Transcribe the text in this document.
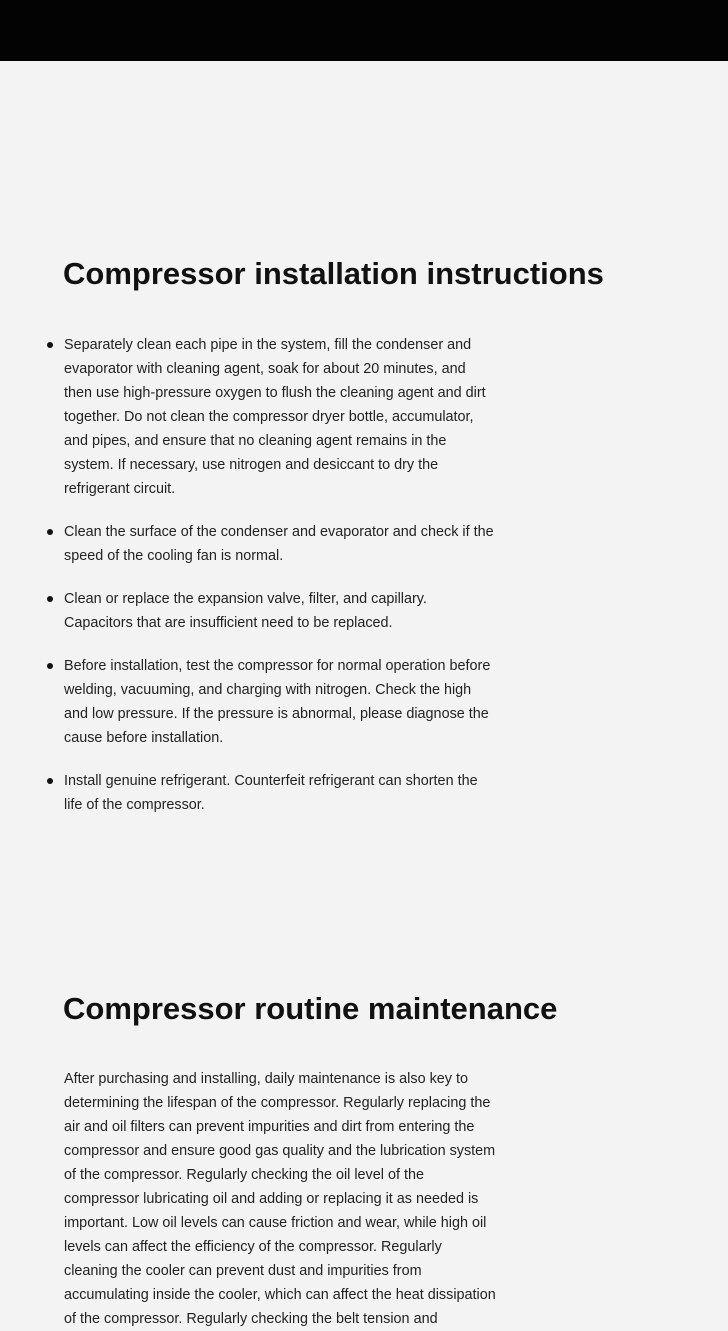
Compressor installation instructions
Separately clean each pipe in the system, fill the condenser and evaporator with cleaning agent, soak for about 20 minutes, and then use high-pressure oxygen to flush the cleaning agent and dirt together. Do not clean the compressor dryer bottle, accumulator, and pipes, and ensure that no cleaning agent remains in the system. If necessary, use nitrogen and desiccant to dry the refrigerant circuit.
Clean the surface of the condenser and evaporator and check if the speed of the cooling fan is normal.
Clean or replace the expansion valve, filter, and capillary. Capacitors that are insufficient need to be replaced.
Before installation, test the compressor for normal operation before welding, vacuuming, and charging with nitrogen. Check the high and low pressure. If the pressure is abnormal, please diagnose the cause before installation.
Install genuine refrigerant. Counterfeit refrigerant can shorten the life of the compressor.
Compressor routine maintenance

After purchasing and installing, daily maintenance is also key to determining the lifespan of the compressor. Regularly replacing the air and oil filters can prevent impurities and dirt from entering the compressor and ensure good gas quality and the lubrication system of the compressor. Regularly checking the oil level of the compressor lubricating oil and adding or replacing it as needed is important. Low oil levels can cause friction and wear, while high oil levels can affect the efficiency of the compressor. Regularly cleaning the cooler can prevent dust and impurities from accumulating inside the cooler, which can affect the heat dissipation of the compressor. Regularly checking the belt tension and
